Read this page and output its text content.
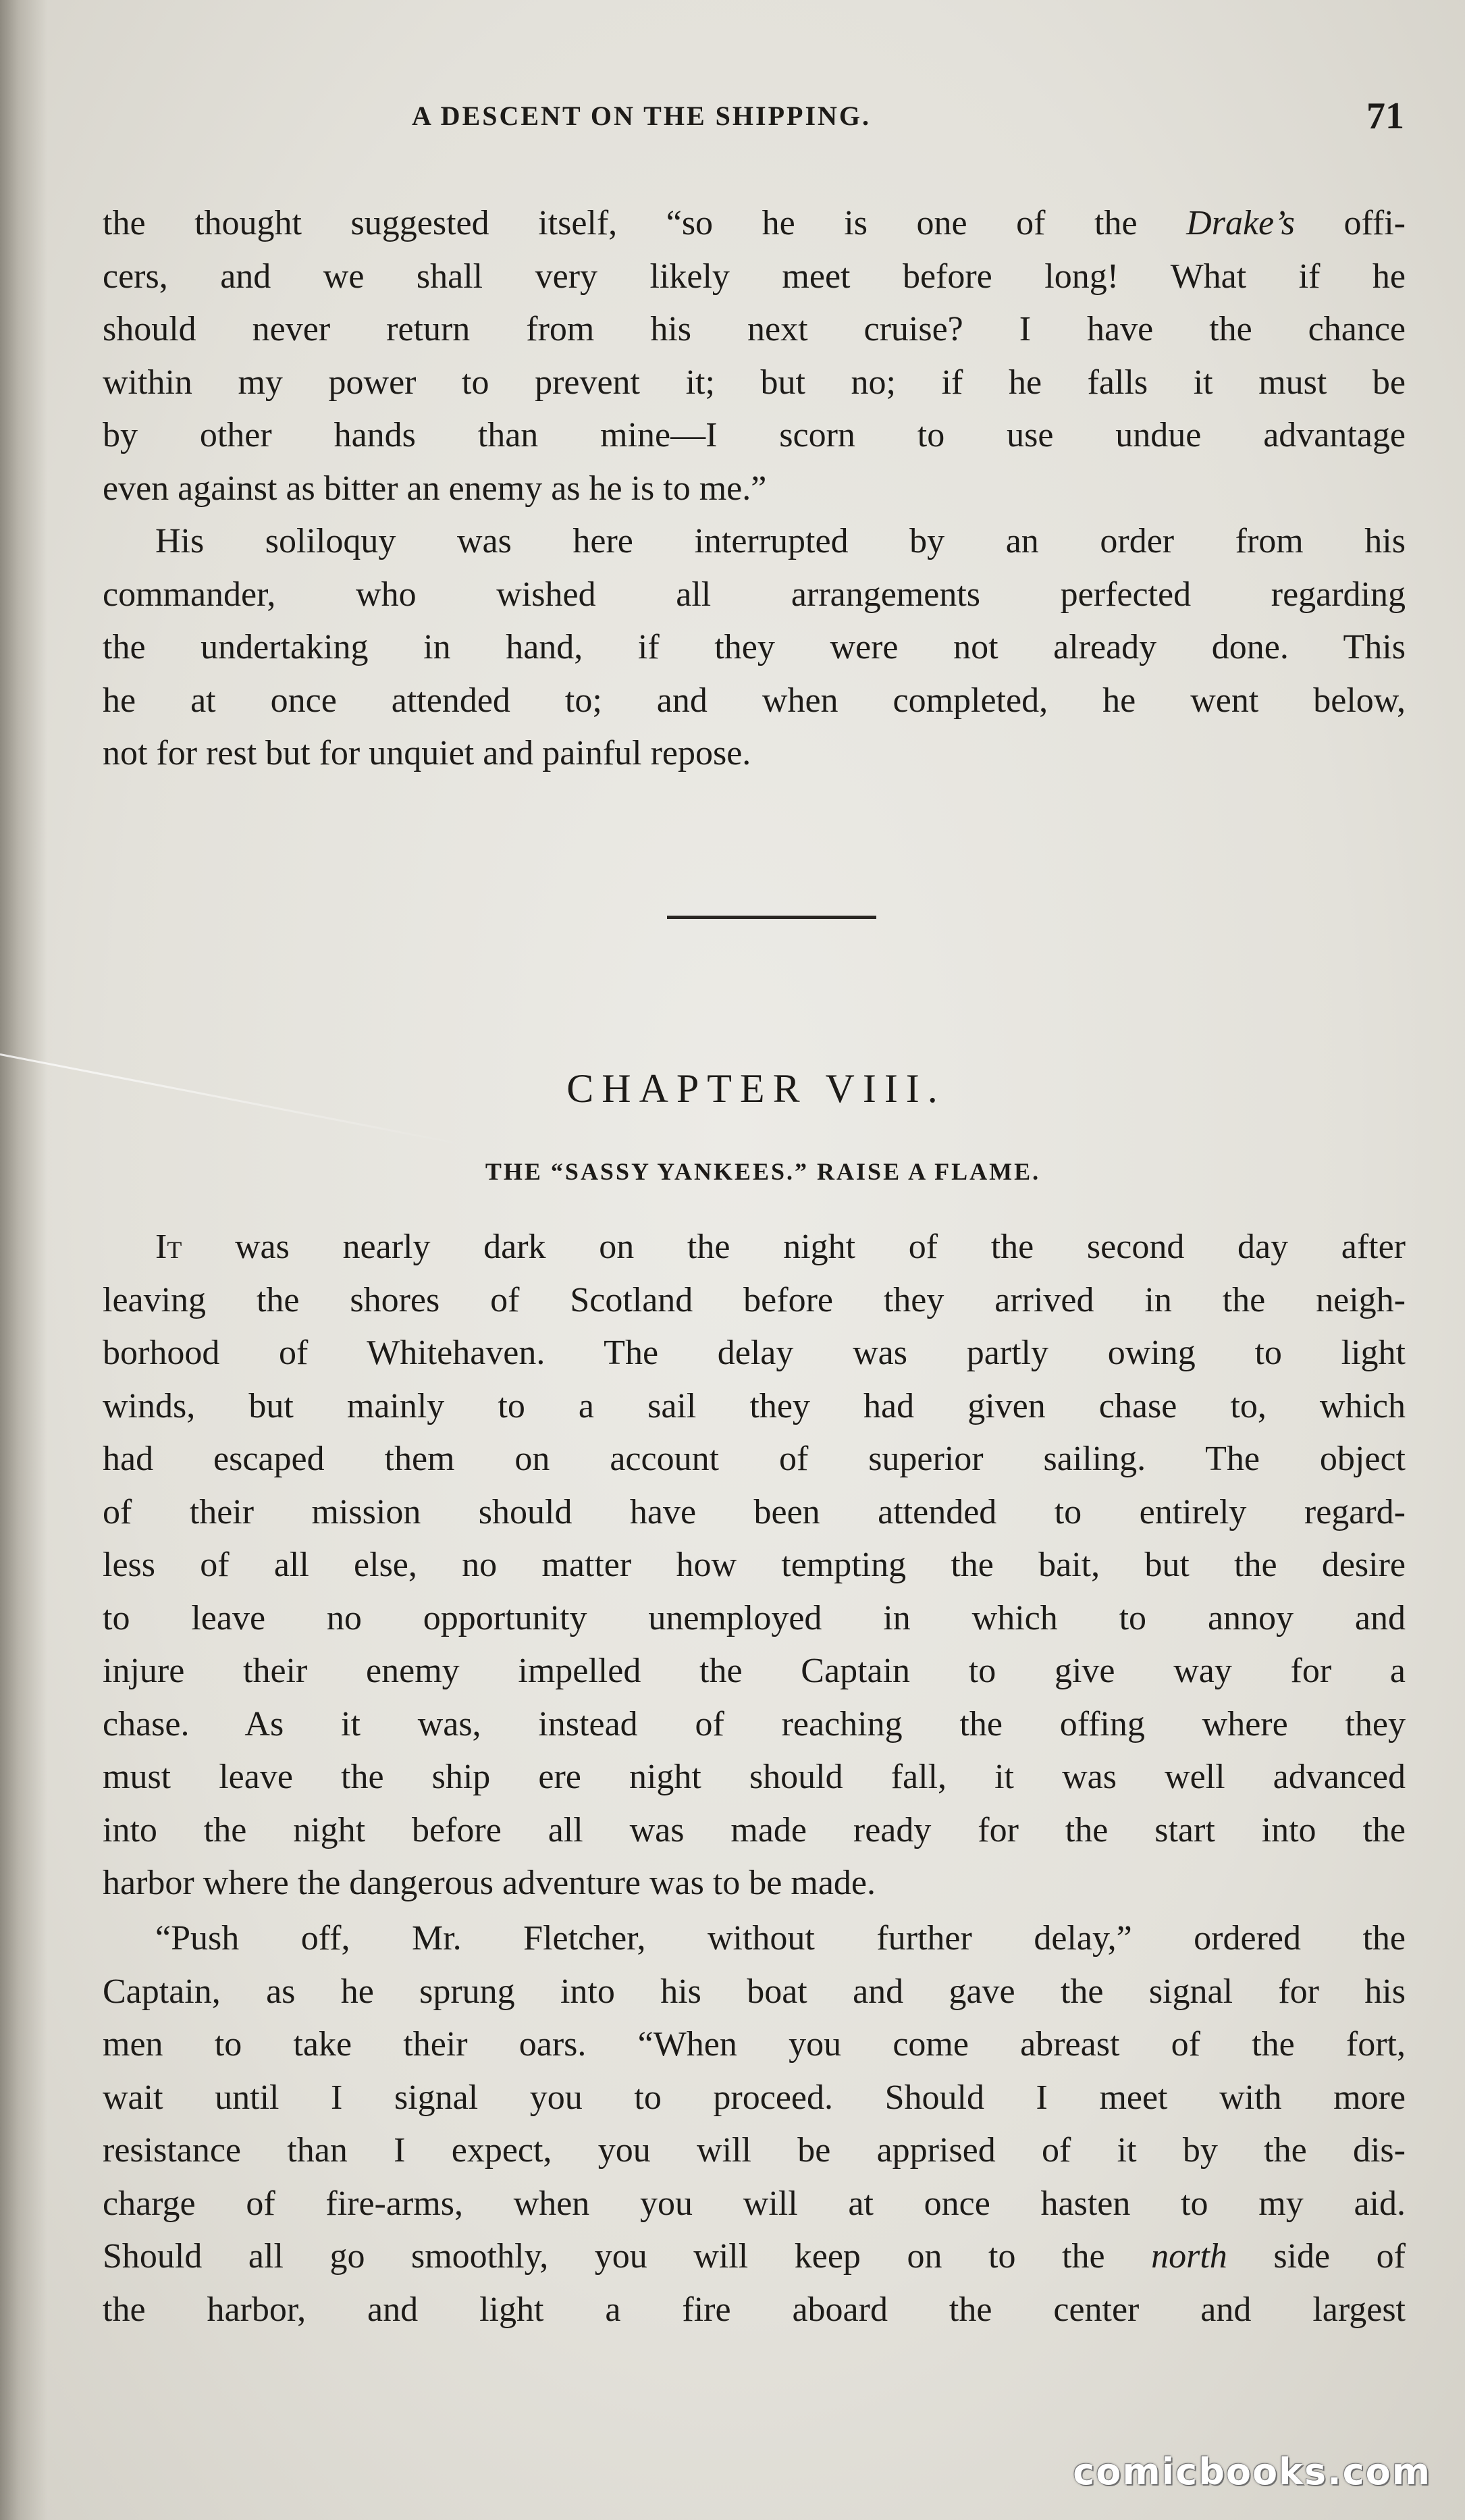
A DESCENT ON THE SHIPPING.	71
the thought suggested itself, “so he is one of the Drake’s offi-
cers, and we shall very likely meet before long! What if he
should never return from his next cruise? I have the chance
within my power to prevent it; but no; if he falls it must be
by other hands than mine—I scorn to use undue advantage
even against as bitter an enemy as he is to me.”
His soliloquy was here interrupted by an order from his
commander, who wished all arrangements perfected regarding
the undertaking in hand, if they were not already done. This
he at once attended to; and when completed, he went below,
not for rest but for unquiet and painful repose.
CHAPTER VIII.
THE “SASSY YANKEES.” RAISE A FLAME.
It was nearly dark on the night of the second day after
leaving the shores of Scotland before they arrived in the neigh-
borhood of Whitehaven. The delay was partly owing to light
winds, but mainly to a sail they had given chase to, which
had escaped them on account of superior sailing. The object
of their mission should have been attended to entirely regard-
less of all else, no matter how tempting the bait, but the desire
to leave no opportunity unemployed in which to annoy and
injure their enemy impelled the Captain to give way for a
chase. As it was, instead of reaching the offing where they
must leave the ship ere night should fall, it was well advanced
into the night before all was made ready for the start into the
harbor where the dangerous adventure was to be made.
“Push off, Mr. Fletcher, without further delay,” ordered the
Captain, as he sprung into his boat and gave the signal for his
men to take their oars. “When you come abreast of the fort,
wait until I signal you to proceed. Should I meet with more
resistance than I expect, you will be apprised of it by the dis-
charge of fire-arms, when you will at once hasten to my aid.
Should all go smoothly, you will keep on to the north side of
the harbor, and light a fire aboard the center and largest
comicbooks.com
